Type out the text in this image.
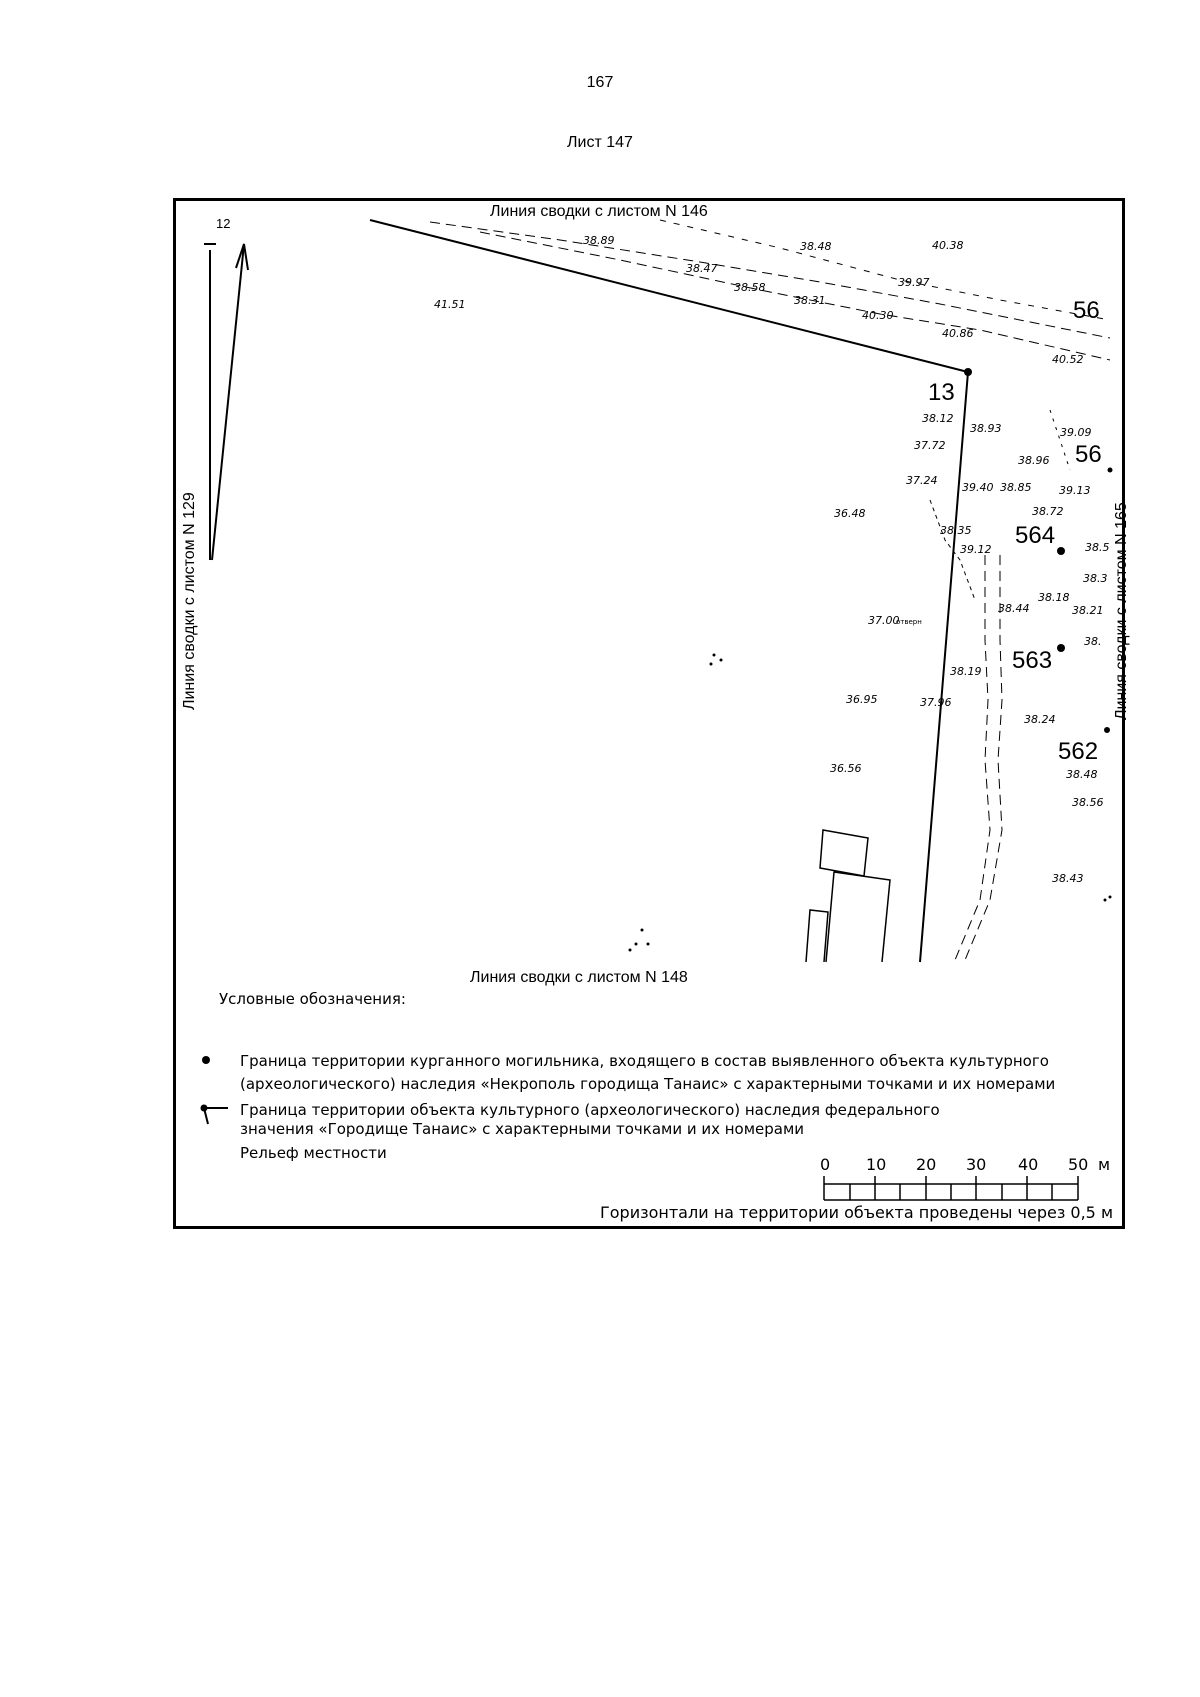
167
Лист 147
Линия сводки с листом N 146
Линия сводки с листом N 148
Линия сводки с листом N 129	Линия сводки с листом N 165
12
13
564
563
562
56
56
38.89	38.48	40.38
38.47
39.97
38.58
38.31
40.30
41.51
40.86
40.52
38.12
38.93	39.09
37.72
38.96
37.24
39.40 38.85	39.13
38.72
36.48
38.35
39.12	38.5
38.3
38.18
38.44	38.21
37.00
38.
38.19
36.95	37.96
38.24
36.56	38.48
38.56
38.43
отверн
0 10 20 30 40 50 м
Условные обозначения:
Граница территории курганного могильника, входящего в состав выявленного объекта культурного
(археологического) наследия «Некрополь городища Танаис» с характерными точками и их номерами
Граница территории объекта культурного (археологического) наследия федерального
значения «Городище Танаис» с характерными точками и их номерами
Рельеф местности
Горизонтали на территории объекта проведены через 0,5 м
